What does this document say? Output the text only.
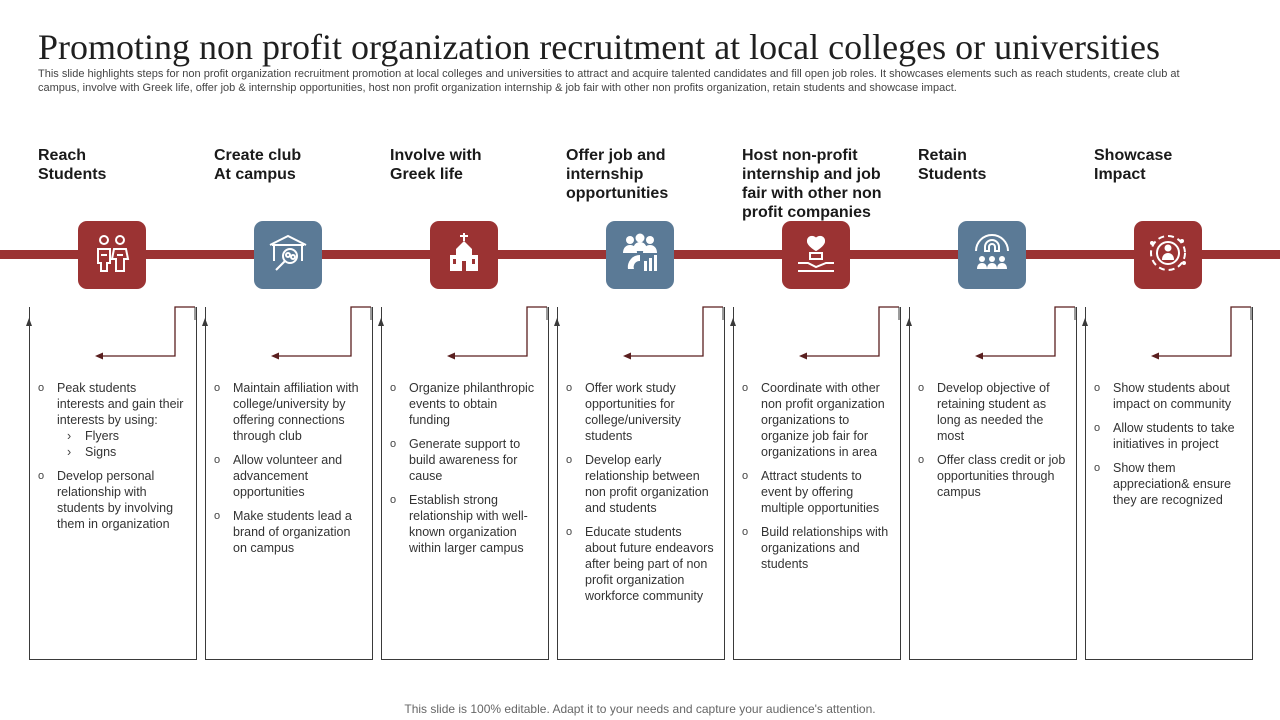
Promoting non profit organization recruitment at local colleges or universities

This slide highlights steps for non profit organization recruitment promotion at local colleges and universities to attract and acquire talented candidates and fill open job roles. It showcases elements such as reach students, create club at campus, involve with Greek life, offer job & internship opportunities, host non profit organization internship & job fair with other non profits organization, retain students and showcase impact.

Reach
Students
o Peak students interests and gain their interests by using:
› Flyers
› Signs
o Develop personal relationship with students by involving them in organization
Create club
At campus
o Maintain affiliation with college/university by offering connections through club
o Allow volunteer and advancement opportunities
o Make students lead a brand of organization on campus
Involve with
Greek life
o Organize philanthropic events to obtain funding
o Generate support to build awareness for cause
o Establish strong relationship with well-known organization within larger campus
Offer job and
internship
opportunities
o Offer work study opportunities for college/university students
o Develop early relationship between non profit organization and students
o Educate students about future endeavors after being part of non profit organization workforce community
Host non-profit
internship and job
fair with other non
profit companies
o Coordinate with other non profit organization organizations to organize job fair for organizations in area
o Attract students to event by offering multiple opportunities
o Build relationships with organizations and students
Retain
Students
o Develop objective of retaining student as long as needed the most
o Offer class credit or job opportunities through campus
Showcase
Impact
o Show students about impact on community
o Allow students to take initiatives in project
o Show them appreciation& ensure they are recognized
This slide is 100% editable. Adapt it to your needs and capture your audience's attention.
